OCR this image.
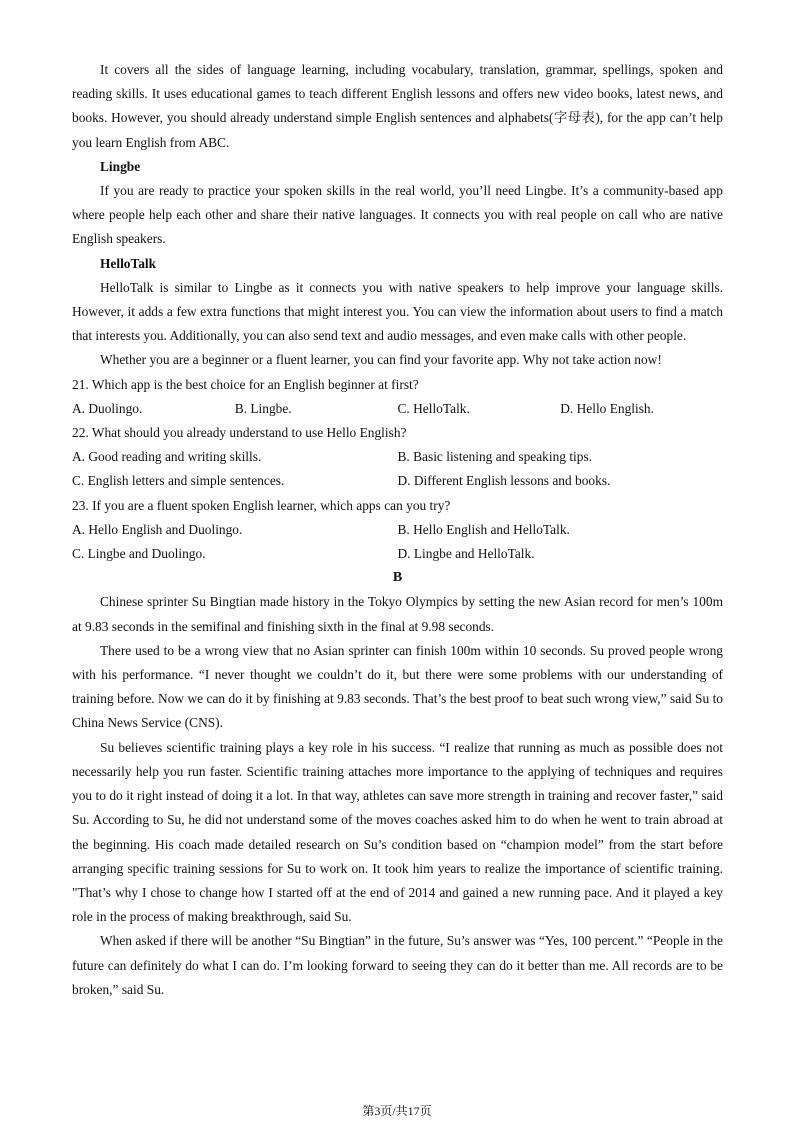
It covers all the sides of language learning, including vocabulary, translation, grammar, spellings, spoken and reading skills. It uses educational games to teach different English lessons and offers new video books, latest news, and books. However, you should already understand simple English sentences and alphabets(字母表), for the app can’t help you learn English from ABC.

Lingbe

If you are ready to practice your spoken skills in the real world, you’ll need Lingbe. It’s a community-based app where people help each other and share their native languages. It connects you with real people on call who are native English speakers.

HelloTalk

HelloTalk is similar to Lingbe as it connects you with native speakers to help improve your language skills. However, it adds a few extra functions that might interest you. You can view the information about users to find a match that interests you. Additionally, you can also send text and audio messages, and even make calls with other people.

Whether you are a beginner or a fluent learner, you can find your favorite app. Why not take action now!

21. Which app is the best choice for an English beginner at first?

A. Duolingo.	B. Lingbe.	C. HelloTalk.	D. Hello English.

22. What should you already understand to use Hello English?

A. Good reading and writing skills.	B. Basic listening and speaking tips.
C. English letters and simple sentences.	D. Different English lessons and books.

23. If you are a fluent spoken English learner, which apps can you try?

A. Hello English and Duolingo.	B. Hello English and HelloTalk.
C. Lingbe and Duolingo.	D. Lingbe and HelloTalk.

B

Chinese sprinter Su Bingtian made history in the Tokyo Olympics by setting the new Asian record for men’s 100m at 9.83 seconds in the semifinal and finishing sixth in the final at 9.98 seconds.

There used to be a wrong view that no Asian sprinter can finish 100m within 10 seconds. Su proved people wrong with his performance. “I never thought we couldn’t do it, but there were some problems with our understanding of training before. Now we can do it by finishing at 9.83 seconds. That’s the best proof to beat such wrong view,” said Su to China News Service (CNS).

Su believes scientific training plays a key role in his success. “I realize that running as much as possible does not necessarily help you run faster. Scientific training attaches more importance to the applying of techniques and requires you to do it right instead of doing it a lot. In that way, athletes can save more strength in training and recover faster,” said Su. According to Su, he did not understand some of the moves coaches asked him to do when he went to train abroad at the beginning. His coach made detailed research on Su’s condition based on “champion model” from the start before arranging specific training sessions for Su to work on. It took him years to realize the importance of scientific training. "That’s why I chose to change how I started off at the end of 2014 and gained a new running pace. And it played a key role in the process of making breakthrough, said Su.

When asked if there will be another “Su Bingtian” in the future, Su’s answer was “Yes, 100 percent.” “People in the future can definitely do what I can do. I’m looking forward to seeing they can do it better than me. All records are to be broken,” said Su.

第3页/共17页
